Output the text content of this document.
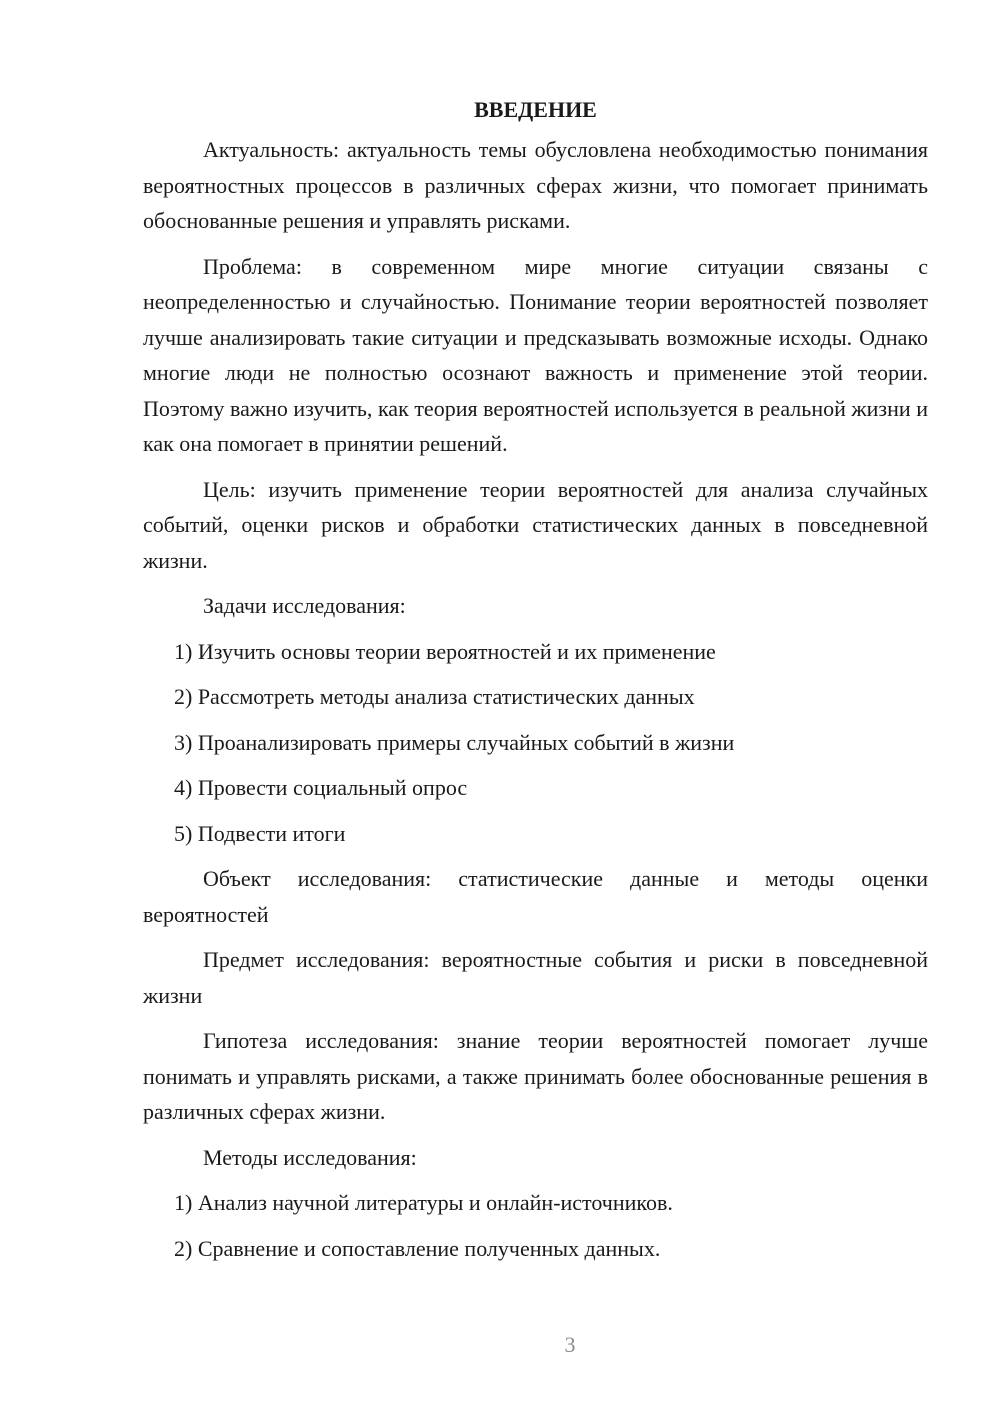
ВВЕДЕНИЕ

Актуальность: актуальность темы обусловлена необходимостью понимания вероятностных процессов в различных сферах жизни, что помогает принимать обоснованные решения и управлять рисками.

Проблема: в современном мире многие ситуации связаны с неопределенностью и случайностью. Понимание теории вероятностей позволяет лучше анализировать такие ситуации и предсказывать возможные исходы. Однако многие люди не полностью осознают важность и применение этой теории. Поэтому важно изучить, как теория вероятностей используется в реальной жизни и как она помогает в принятии решений.

Цель: изучить применение теории вероятностей для анализа случайных событий, оценки рисков и обработки статистических данных в повседневной жизни.

Задачи исследования:

1) Изучить основы теории вероятностей и их применение
2) Рассмотреть методы анализа статистических данных
3) Проанализировать примеры случайных событий в жизни
4) Провести социальный опрос
5) Подвести итоги

Объект исследования: статистические данные и методы оценки вероятностей

Предмет исследования: вероятностные события и риски в повседневной жизни

Гипотеза исследования: знание теории вероятностей помогает лучше понимать и управлять рисками, а также принимать более обоснованные решения в различных сферах жизни.

Методы исследования:

1) Анализ научной литературы и онлайн-источников.
2) Сравнение и сопоставление полученных данных.
3
